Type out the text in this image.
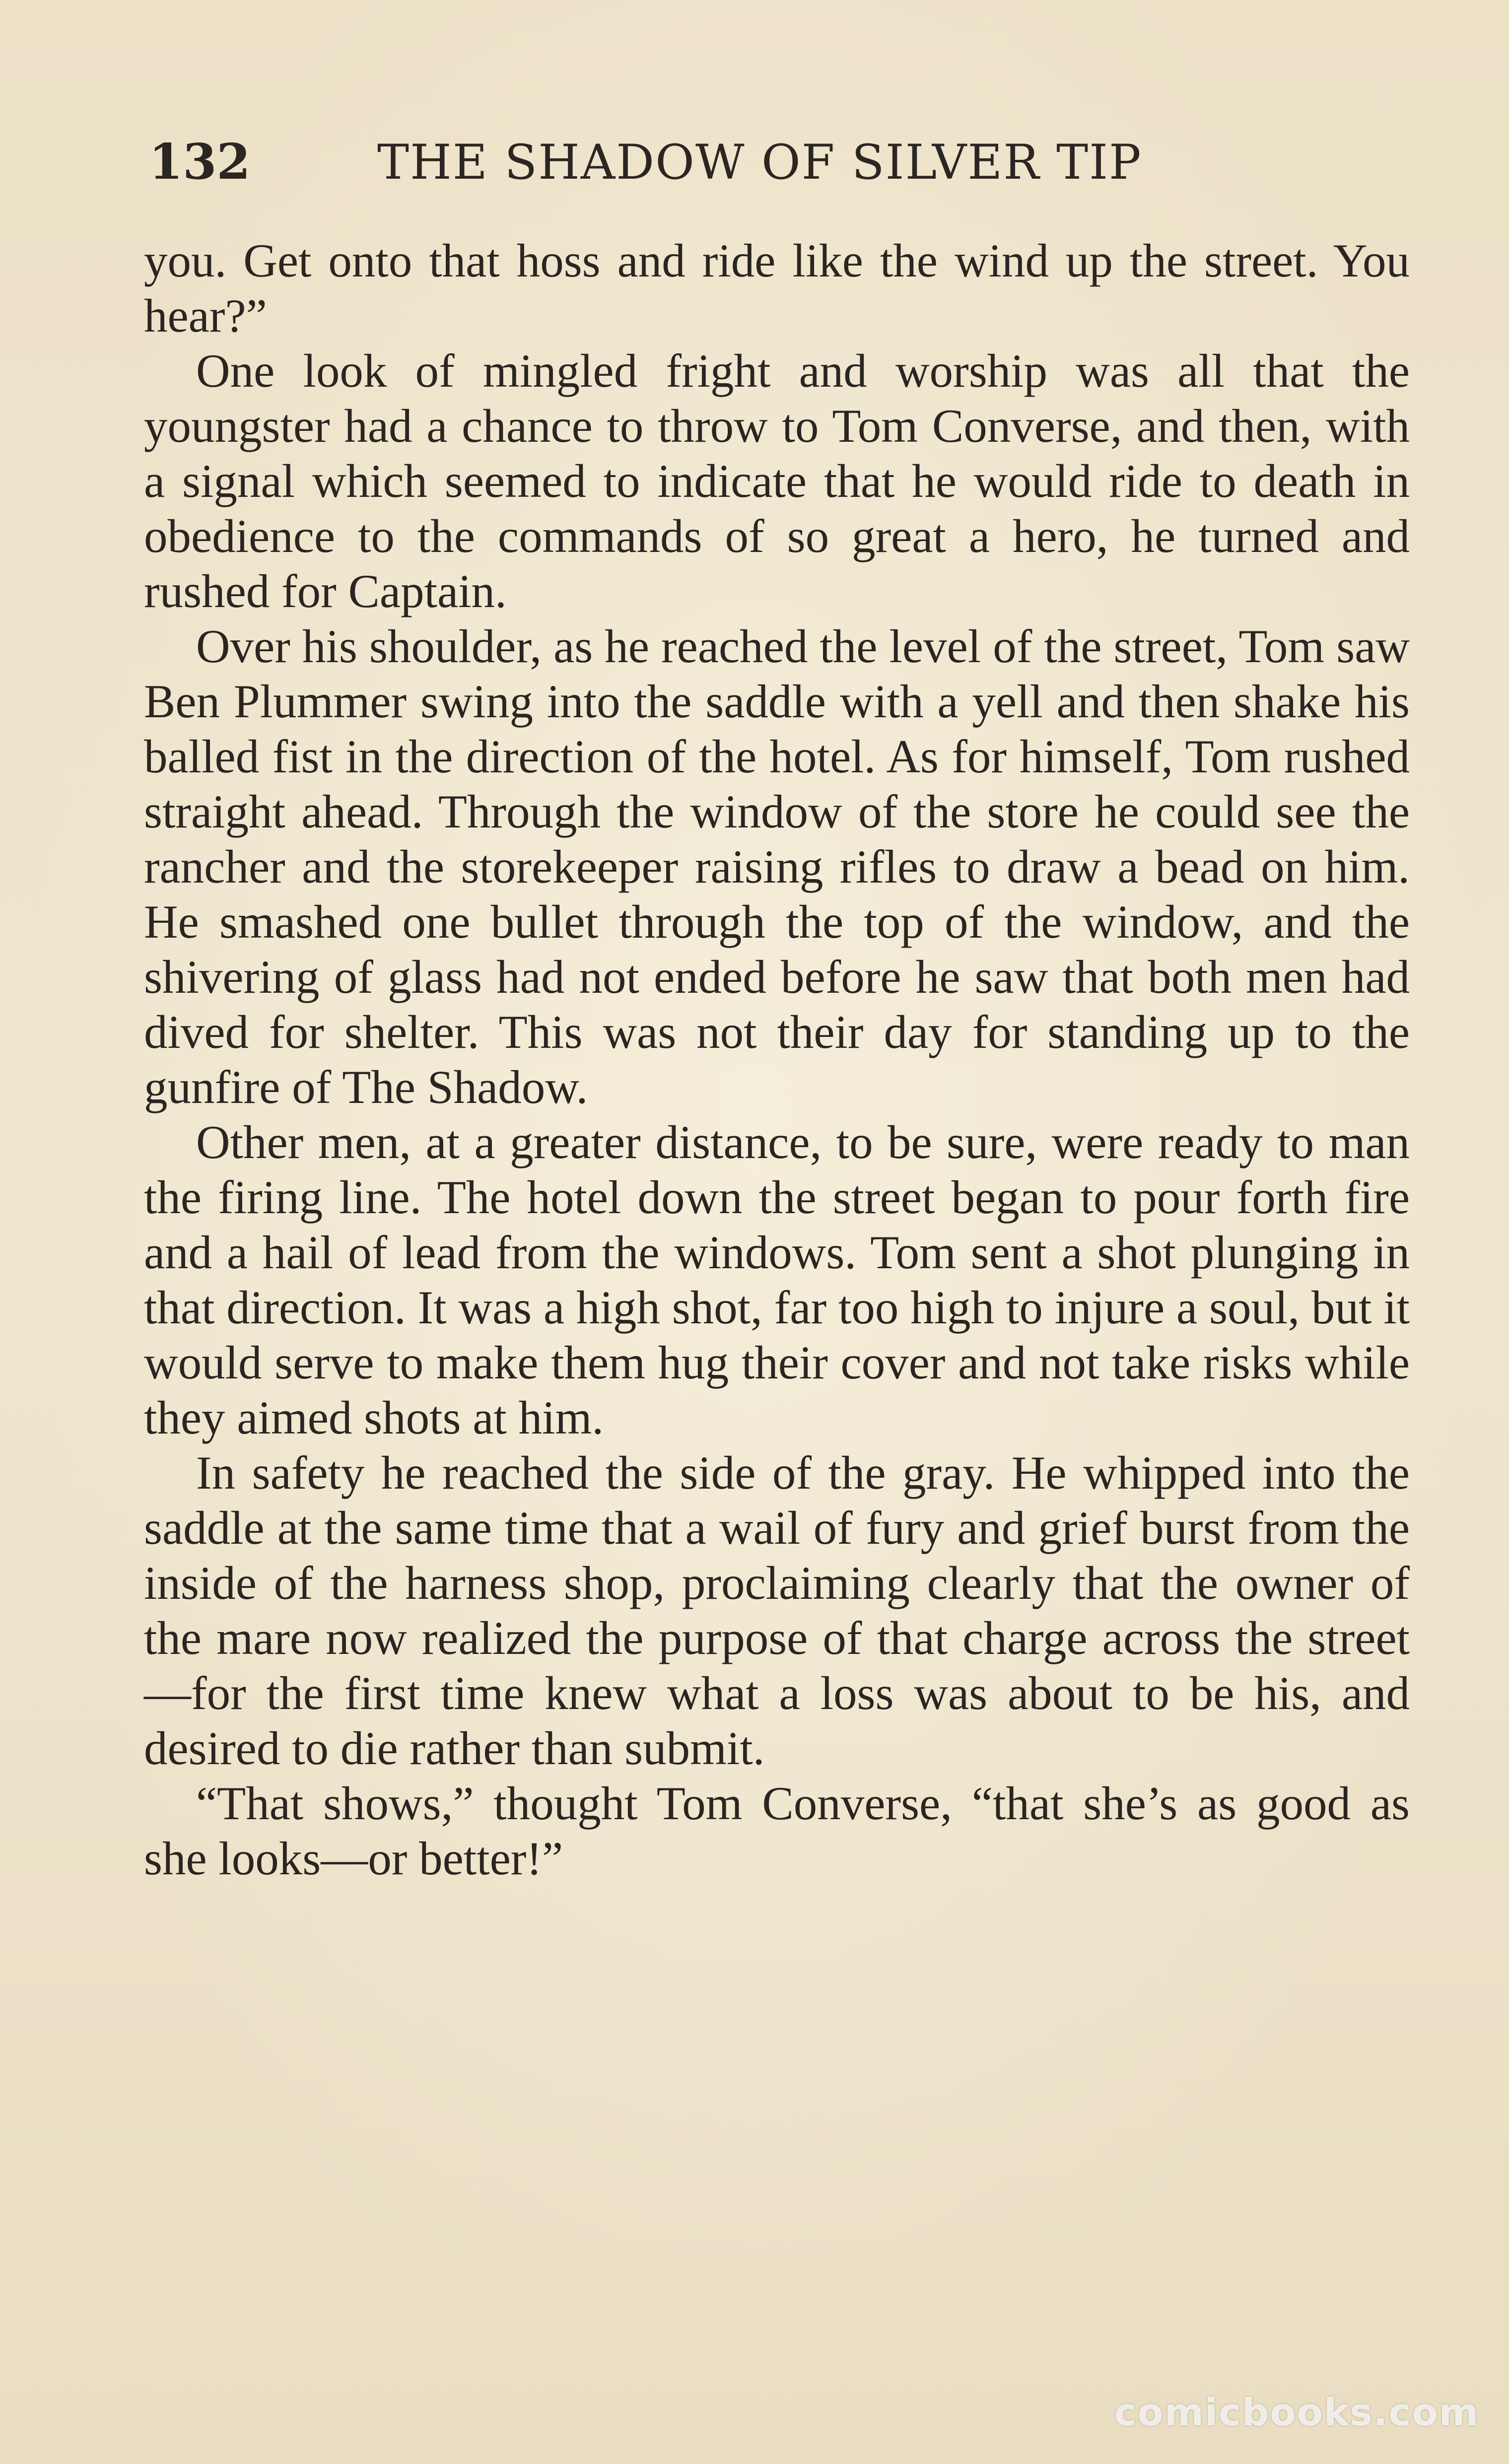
132	THE SHADOW OF SILVER TIP

you. Get onto that hoss and ride like the wind up the street. You hear?”

One look of mingled fright and worship was all that the youngster had a chance to throw to Tom Converse, and then, with a signal which seemed to indicate that he would ride to death in obedience to the commands of so great a hero, he turned and rushed for Captain.

Over his shoulder, as he reached the level of the street, Tom saw Ben Plummer swing into the saddle with a yell and then shake his balled fist in the direction of the hotel. As for himself, Tom rushed straight ahead. Through the window of the store he could see the rancher and the storekeeper raising rifles to draw a bead on him. He smashed one bullet through the top of the window, and the shivering of glass had not ended before he saw that both men had dived for shelter. This was not their day for standing up to the gunfire of The Shadow.

Other men, at a greater distance, to be sure, were ready to man the firing line. The hotel down the street began to pour forth fire and a hail of lead from the windows. Tom sent a shot plunging in that direction. It was a high shot, far too high to injure a soul, but it would serve to make them hug their cover and not take risks while they aimed shots at him.

In safety he reached the side of the gray. He whipped into the saddle at the same time that a wail of fury and grief burst from the inside of the harness shop, proclaiming clearly that the owner of the mare now realized the purpose of that charge across the street—for the first time knew what a loss was about to be his, and desired to die rather than submit.

“That shows,” thought Tom Converse, “that she’s as good as she looks—or better!”

comicbooks.com
